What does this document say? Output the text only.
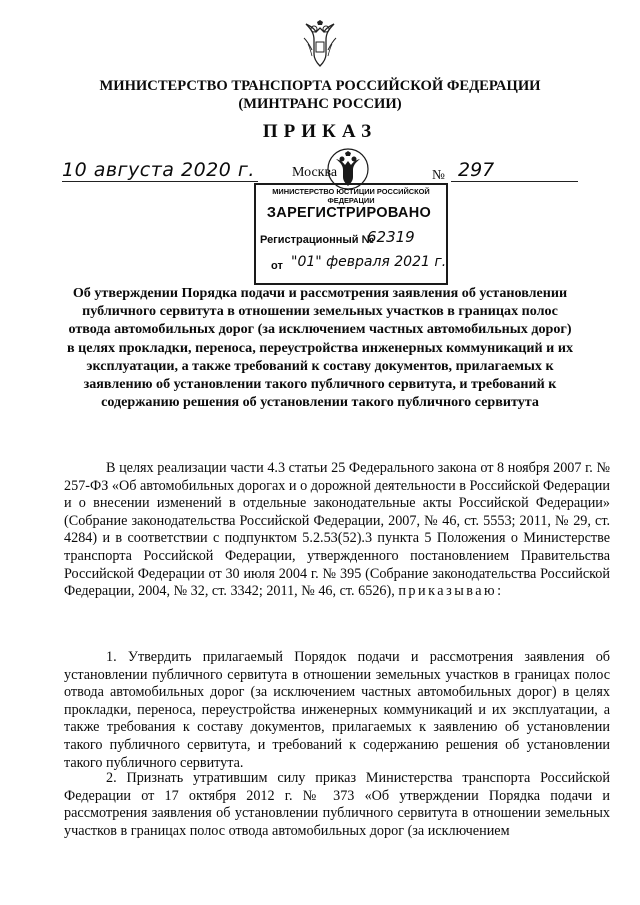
МИНИСТЕРСТВО ТРАНСПОРТА РОССИЙСКОЙ ФЕДЕРАЦИИ
(МИНТРАНС РОССИИ)
ПРИКАЗ
10 августа 2020 г.	Москва	№ 297
МИНИСТЕРСТВО ЮСТИЦИИ РОССИЙСКОЙ ФЕДЕРАЦИИ
ЗАРЕГИСТРИРОВАНО
Регистрационный №
62319
от "01" февраля 2021 г.
Об утверждении Порядка подачи и рассмотрения заявления об установлении публичного сервитута в отношении земельных участков в границах полос отвода автомобильных дорог (за исключением частных автомобильных дорог) в целях прокладки, переноса, переустройства инженерных коммуникаций и их эксплуатации, а также требований к составу документов, прилагаемых к заявлению об установлении такого публичного сервитута, и требований к содержанию решения об установлении такого публичного сервитута

В целях реализации части 4.3 статьи 25 Федерального закона от 8 ноября 2007 г. № 257-ФЗ «Об автомобильных дорогах и о дорожной деятельности в Российской Федерации и о внесении изменений в отдельные законодательные акты Российской Федерации» (Собрание законодательства Российской Федерации, 2007, № 46, ст. 5553; 2011, № 29, ст. 4284) и в соответствии с подпунктом 5.2.53(52).3 пункта 5 Положения о Министерстве транспорта Российской Федерации, утвержденного постановлением Правительства Российской Федерации от 30 июля 2004 г. № 395 (Собрание законодательства Российской Федерации, 2004, № 32, ст. 3342; 2011, № 46, ст. 6526), приказываю:

1. Утвердить прилагаемый Порядок подачи и рассмотрения заявления об установлении публичного сервитута в отношении земельных участков в границах полос отвода автомобильных дорог (за исключением частных автомобильных дорог) в целях прокладки, переноса, переустройства инженерных коммуникаций и их эксплуатации, а также требования к составу документов, прилагаемых к заявлению об установлении такого публичного сервитута, и требований к содержанию решения об установлении такого публичного сервитута.

2. Признать утратившим силу приказ Министерства транспорта Российской Федерации от 17 октября 2012 г. № 373 «Об утверждении Порядка подачи и рассмотрения заявления об установлении публичного сервитута в отношении земельных участков в границах полос отвода автомобильных дорог (за исключением
